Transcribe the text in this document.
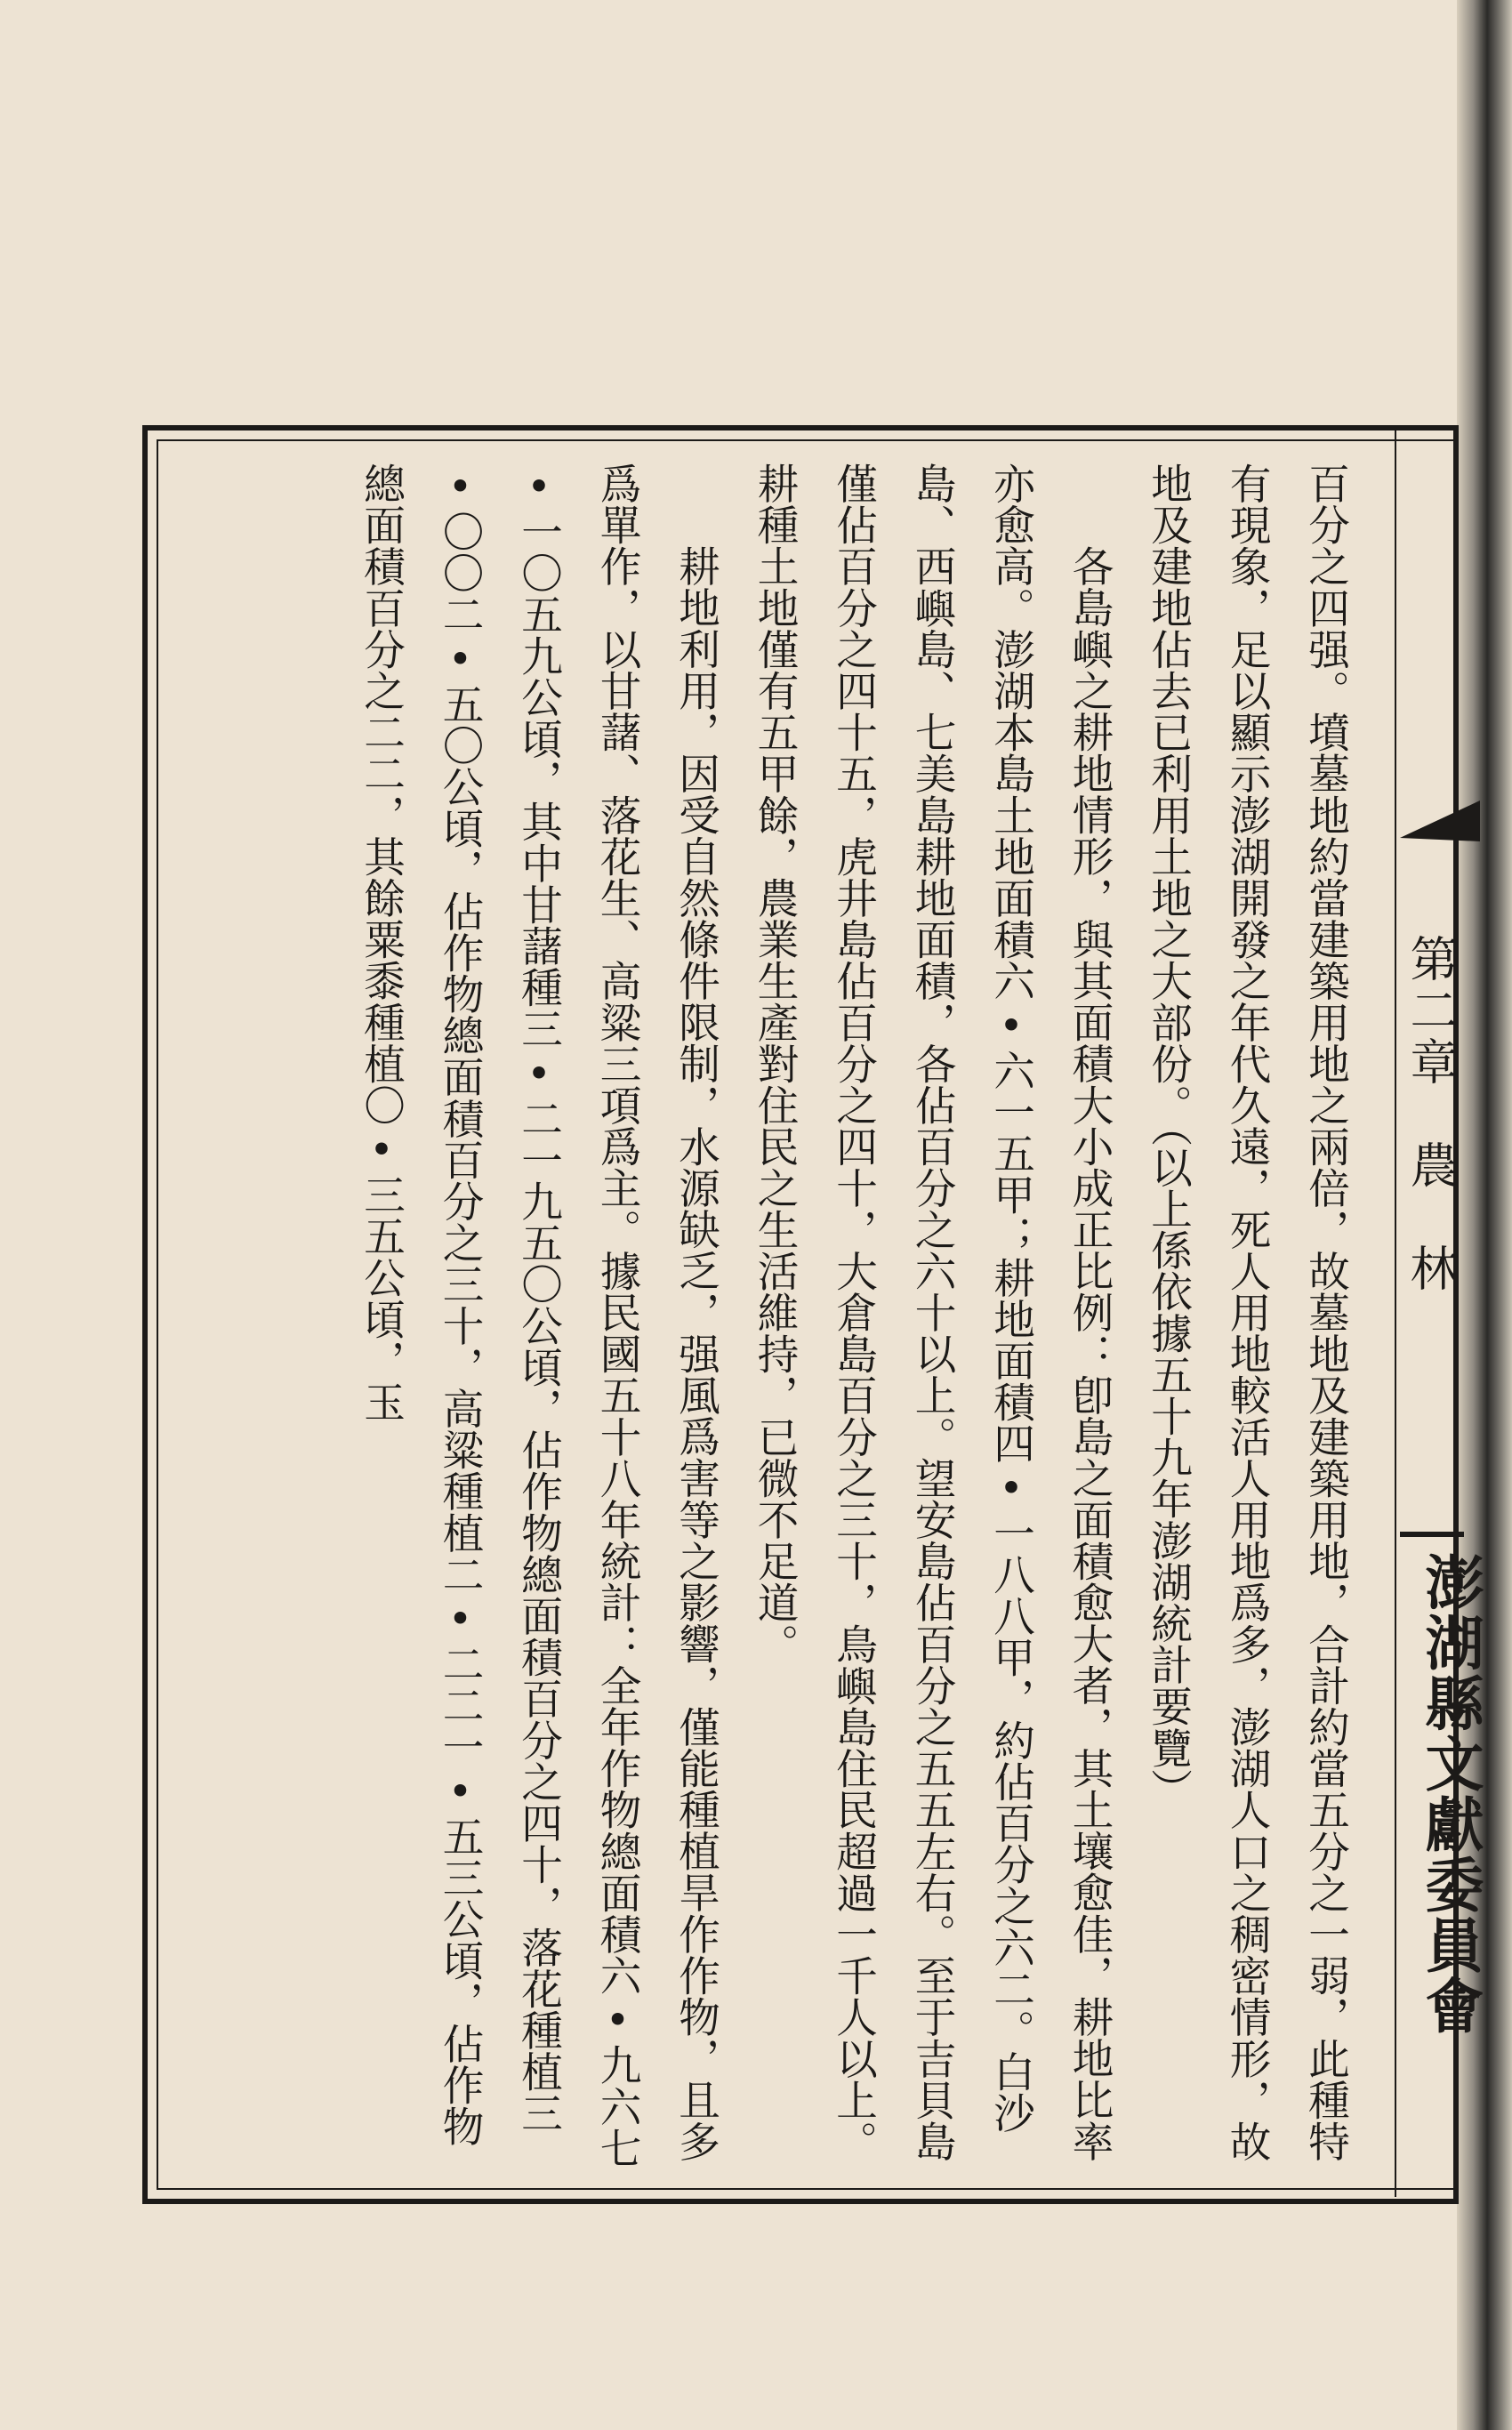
第二章農林
澎湖縣文獻委員會

百分之四强。墳墓地約當建築用地之兩倍，故墓地及建築用地，合計約當五分之一弱，此種特有現象，足以顯示澎湖開發之年代久遠，死人用地較活人用地爲多，澎湖人口之稠密情形，故地及建地佔去已利用土地之大部份。（以上係依據五十九年澎湖統計要覽）

各島嶼之耕地情形，與其面積大小成正比例：卽島之面積愈大者，其土壤愈佳，耕地比率亦愈高。澎湖本島土地面積六•六一五甲；耕地面積四•一八八甲，約佔百分之六二。白沙島、西嶼島、七美島耕地面積，各佔百分之六十以上。望安島佔百分之五五左右。至于吉貝島僅佔百分之四十五，虎井島佔百分之四十，大倉島百分之三十，鳥嶼島住民超過一千人以上。耕種土地僅有五甲餘，農業生產對住民之生活維持，已微不足道。

耕地利用，因受自然條件限制，水源缺乏，强風爲害等之影響，僅能種植旱作作物，且多爲單作，以甘藷、落花生、高粱三項爲主。據民國五十八年統計：全年作物總面積六•九六七•一〇五九公頃，其中甘藷種三•二一九五〇公頃，佔作物總面積百分之四十，落花種植三•〇〇二•五〇公頃，佔作物總面積百分之三十，高粱種植二•二二一•五三公頃，佔作物總面積百分之二二，其餘粟黍種植〇•三五公頃，玉
